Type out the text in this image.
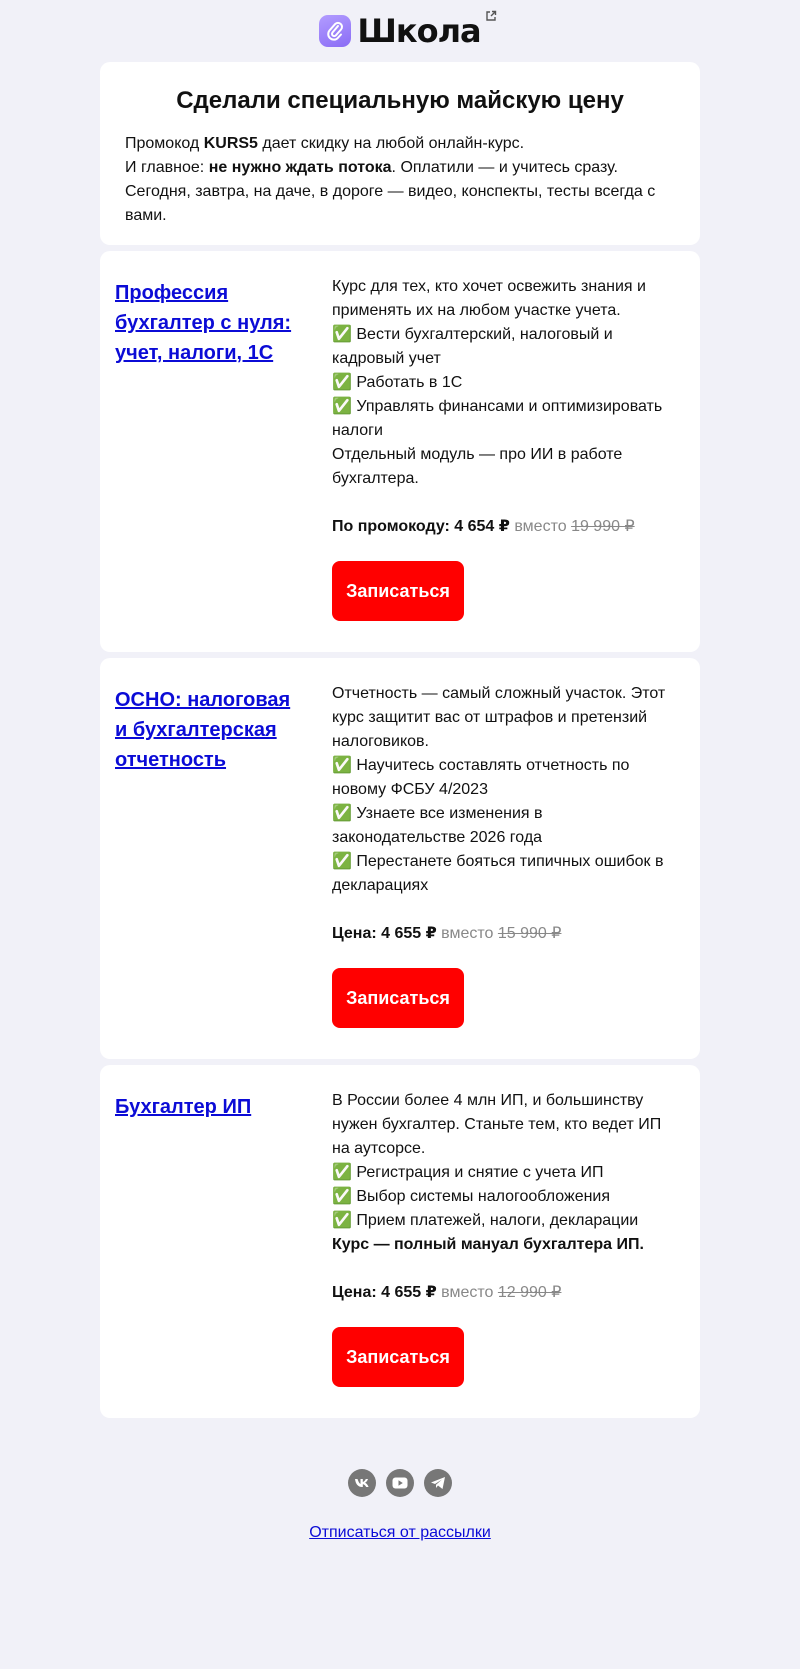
Школа
Сделали специальную майскую цену

Промокод KURS5 дает скидку на любой онлайн-курс.
И главное: не нужно ждать потока. Оплатили — и учитесь сразу.
Сегодня, завтра, на даче, в дороге — видео, конспекты, тесты всегда с вами.

Профессия бухгалтер с нуля: учет, налоги, 1С
Курс для тех, кто хочет освежить знания и применять их на любом участке учета.
✅ Вести бухгалтерский, налоговый и кадровый учет
✅ Работать в 1С
✅ Управлять финансами и оптимизировать налоги
Отдельный модуль — про ИИ в работе бухгалтера.
По промокоду: 4 654 ₽ вместо 19 990 ₽
Записаться
ОСНО: налоговая и бухгалтерская отчетность
Отчетность — самый сложный участок. Этот курс защитит вас от штрафов и претензий налоговиков.
✅ Научитесь составлять отчетность по новому ФСБУ 4/2023
✅ Узнаете все изменения в законодательстве 2026 года
✅ Перестанете бояться типичных ошибок в декларациях
Цена: 4 655 ₽ вместо 15 990 ₽
Записаться
Бухгалтер ИП	В России более 4 млн ИП, и большинству нужен бухгалтер. Станьте тем, кто ведет ИП на аутсорсе.
✅ Регистрация и снятие с учета ИП
✅ Выбор системы налогообложения
✅ Прием платежей, налоги, декларации
Курс — полный мануал бухгалтера ИП.
Цена: 4 655 ₽ вместо 12 990 ₽
Записаться
Отписаться от рассылки
